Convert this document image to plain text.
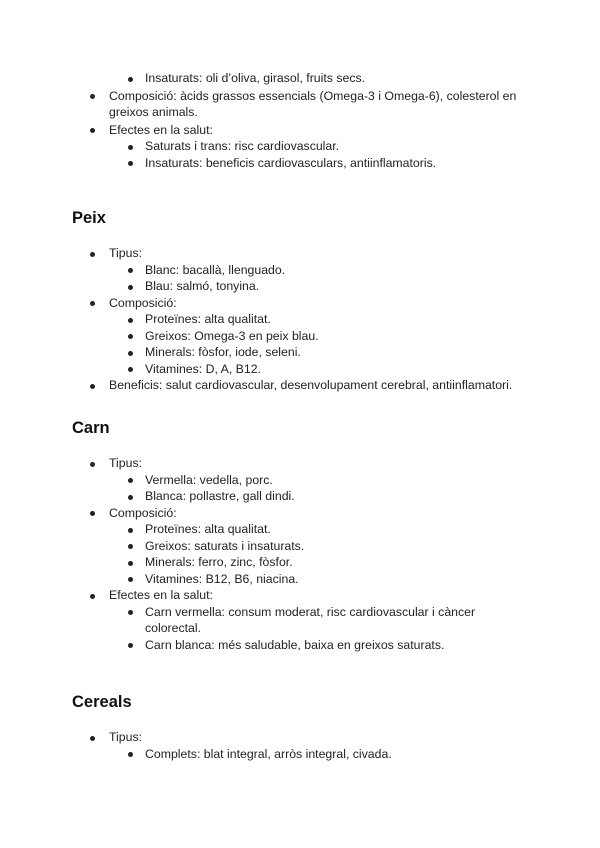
Insaturats: oli d’oliva, girasol, fruits secs.
Composició: àcids grassos essencials (Omega-3 i Omega-6), colesterol en greixos animals.
Efectes en la salut:
Saturats i trans: risc cardiovascular.
Insaturats: beneficis cardiovasculars, antiinflamatoris.
Peix
Tipus:
Blanc: bacallà, llenguado.
Blau: salmó, tonyina.
Composició:
Proteïnes: alta qualitat.
Greixos: Omega-3 en peix blau.
Minerals: fòsfor, iode, seleni.
Vitamines: D, A, B12.
Beneficis: salut cardiovascular, desenvolupament cerebral, antiinflamatori.
Carn
Tipus:
Vermella: vedella, porc.
Blanca: pollastre, gall dindi.
Composició:
Proteïnes: alta qualitat.
Greixos: saturats i insaturats.
Minerals: ferro, zinc, fòsfor.
Vitamines: B12, B6, niacina.
Efectes en la salut:
Carn vermella: consum moderat, risc cardiovascular i càncer colorectal.
Carn blanca: més saludable, baixa en greixos saturats.
Cereals
Tipus:
Complets: blat integral, arròs integral, civada.
